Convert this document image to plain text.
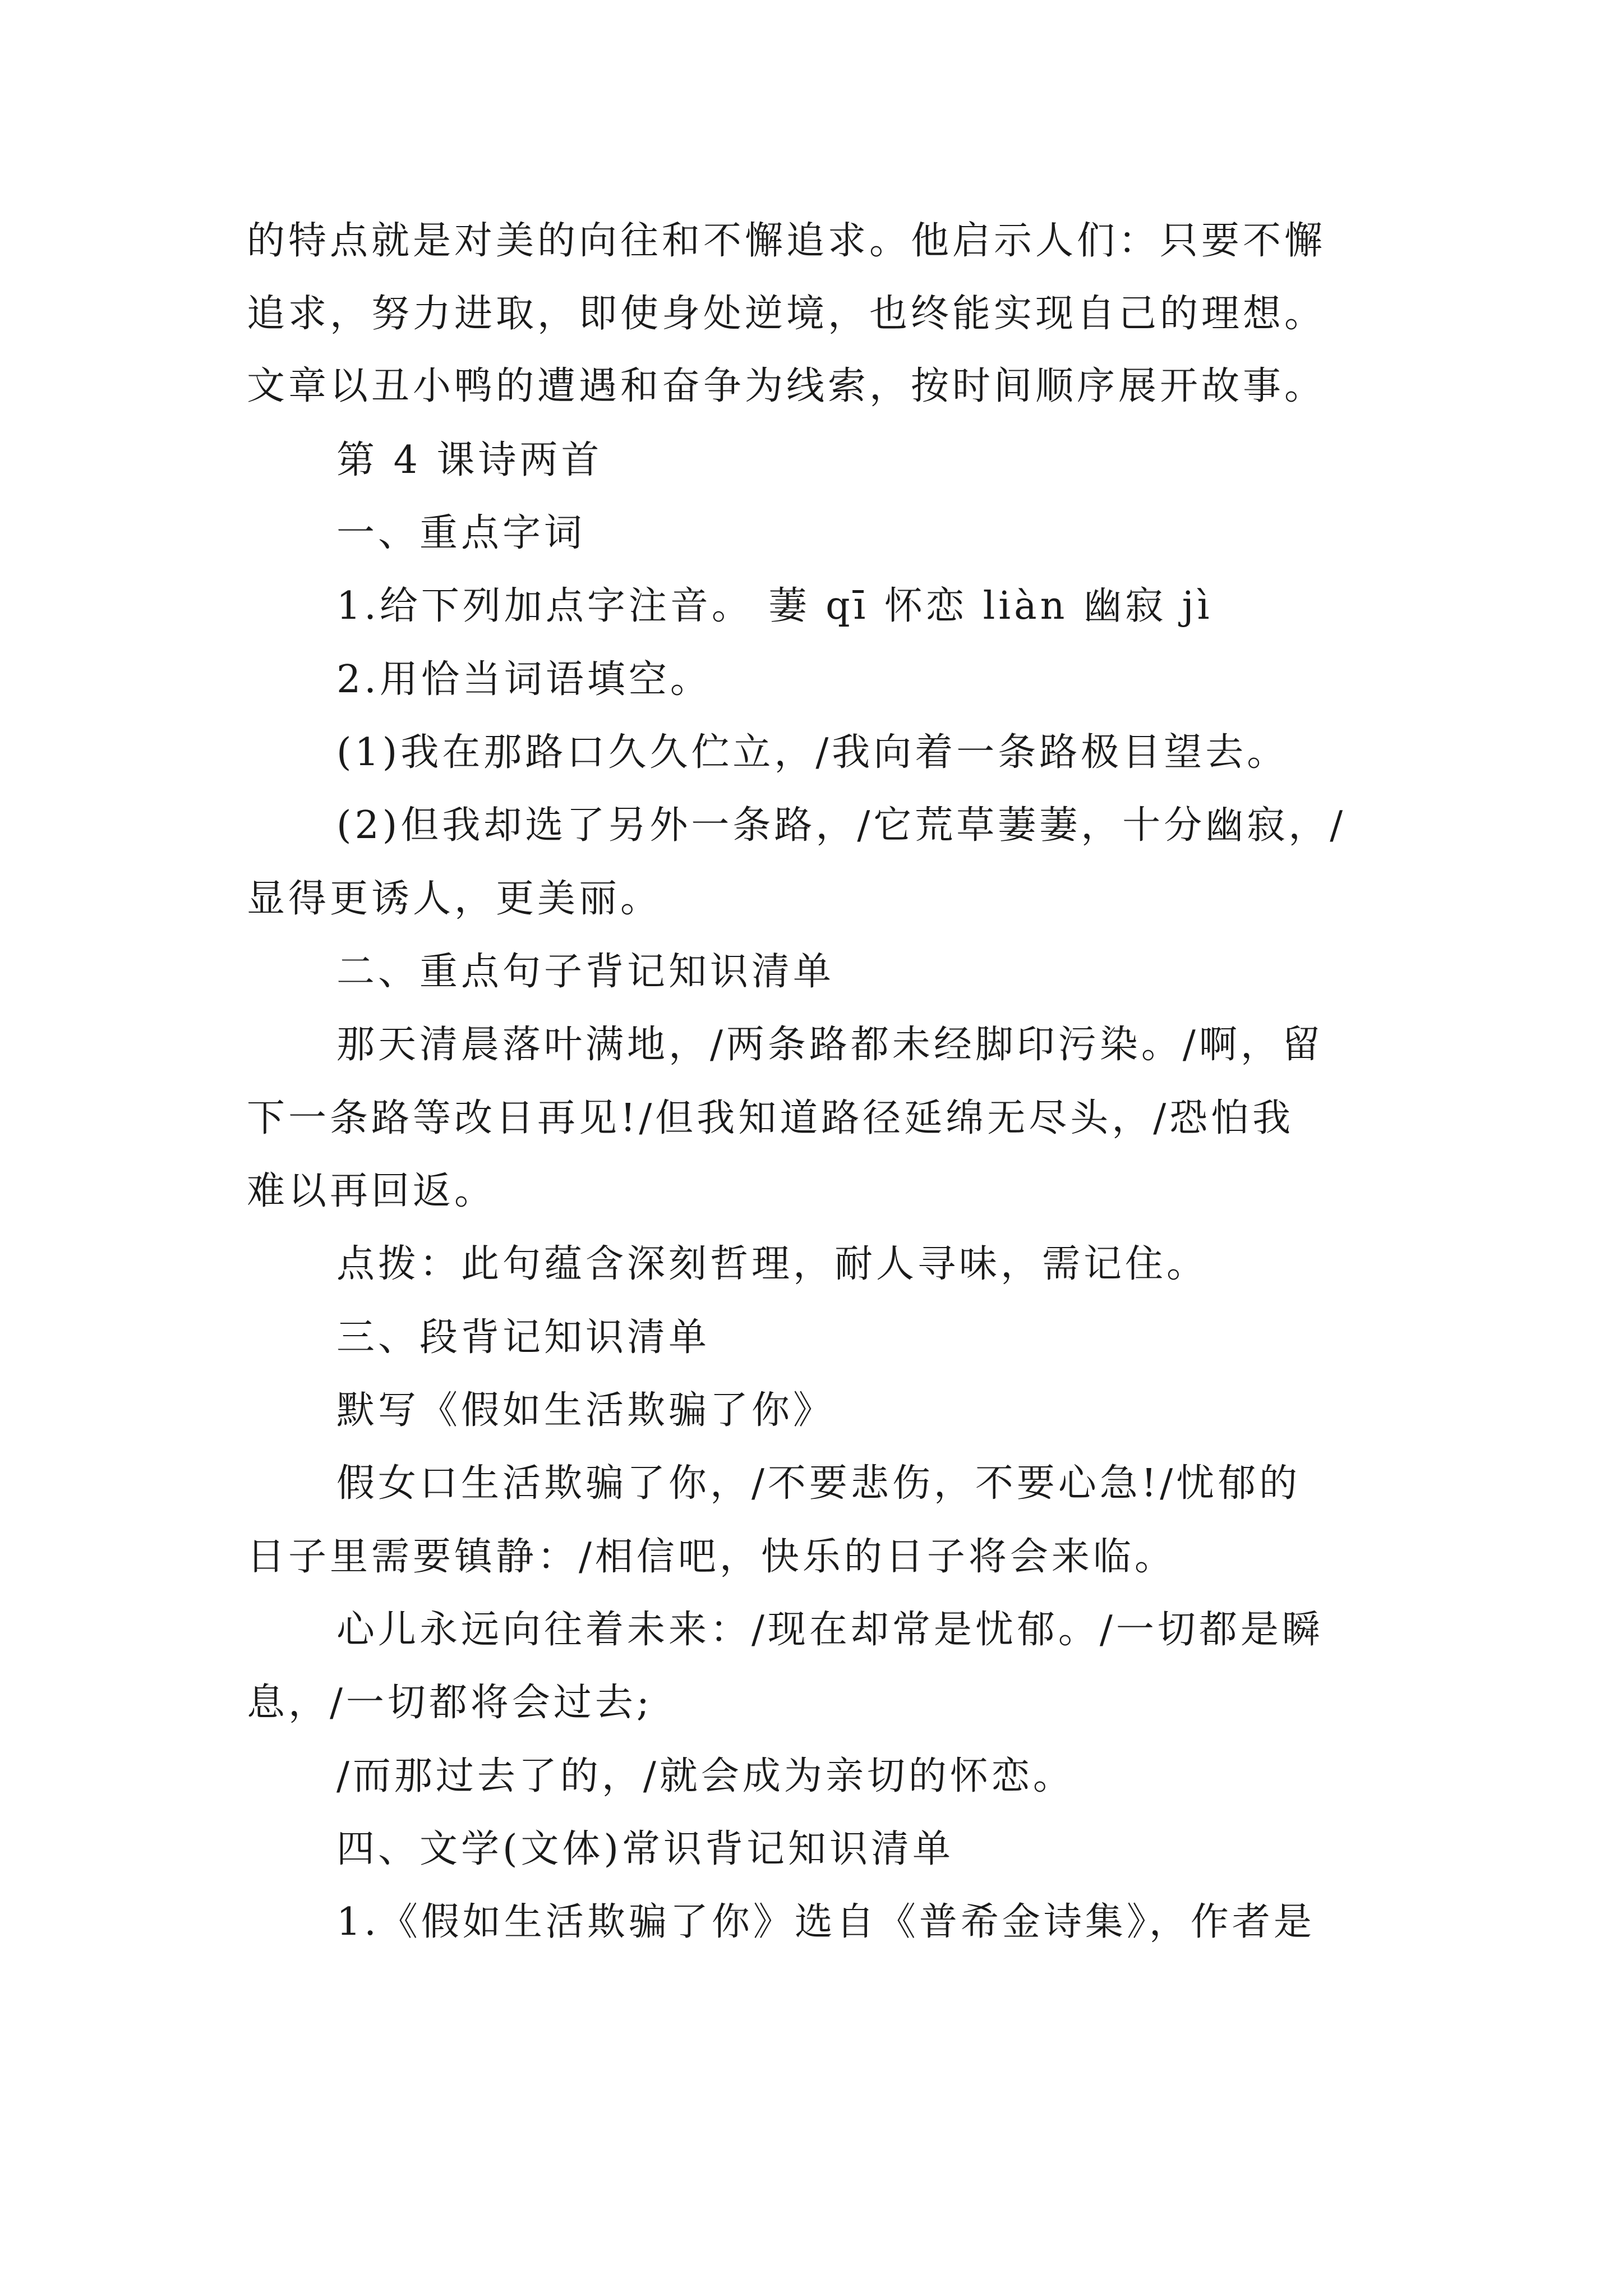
的特点就是对美的向往和不懈追求。他启示人们：只要不懈
追求，努力进取，即使身处逆境，也终能实现自己的理想。
文章以丑小鸭的遭遇和奋争为线索，按时间顺序展开故事。
第 4 课诗两首
一、重点字词
1.给下列加点字注音。 萋 qī 怀恋 liàn 幽寂 jì
2.用恰当词语填空。
(1)我在那路口久久伫立，/我向着一条路极目望去。
(2)但我却选了另外一条路，/它荒草萋萋，十分幽寂，/
显得更诱人，更美丽。
二、重点句子背记知识清单
那天清晨落叶满地，/两条路都未经脚印污染。/啊，留
下一条路等改日再见!/但我知道路径延绵无尽头，/恐怕我
难以再回返。
点拨：此句蕴含深刻哲理，耐人寻味，需记住。
三、段背记知识清单
默写《假如生活欺骗了你》
假女口生活欺骗了你，/不要悲伤，不要心急!/忧郁的
日子里需要镇静：/相信吧，快乐的日子将会来临。
心儿永远向往着未来：/现在却常是忧郁。/一切都是瞬
息，/一切都将会过去;
/而那过去了的，/就会成为亲切的怀恋。
四、文学(文体)常识背记知识清单
1.《假如生活欺骗了你》选自《普希金诗集》，作者是
